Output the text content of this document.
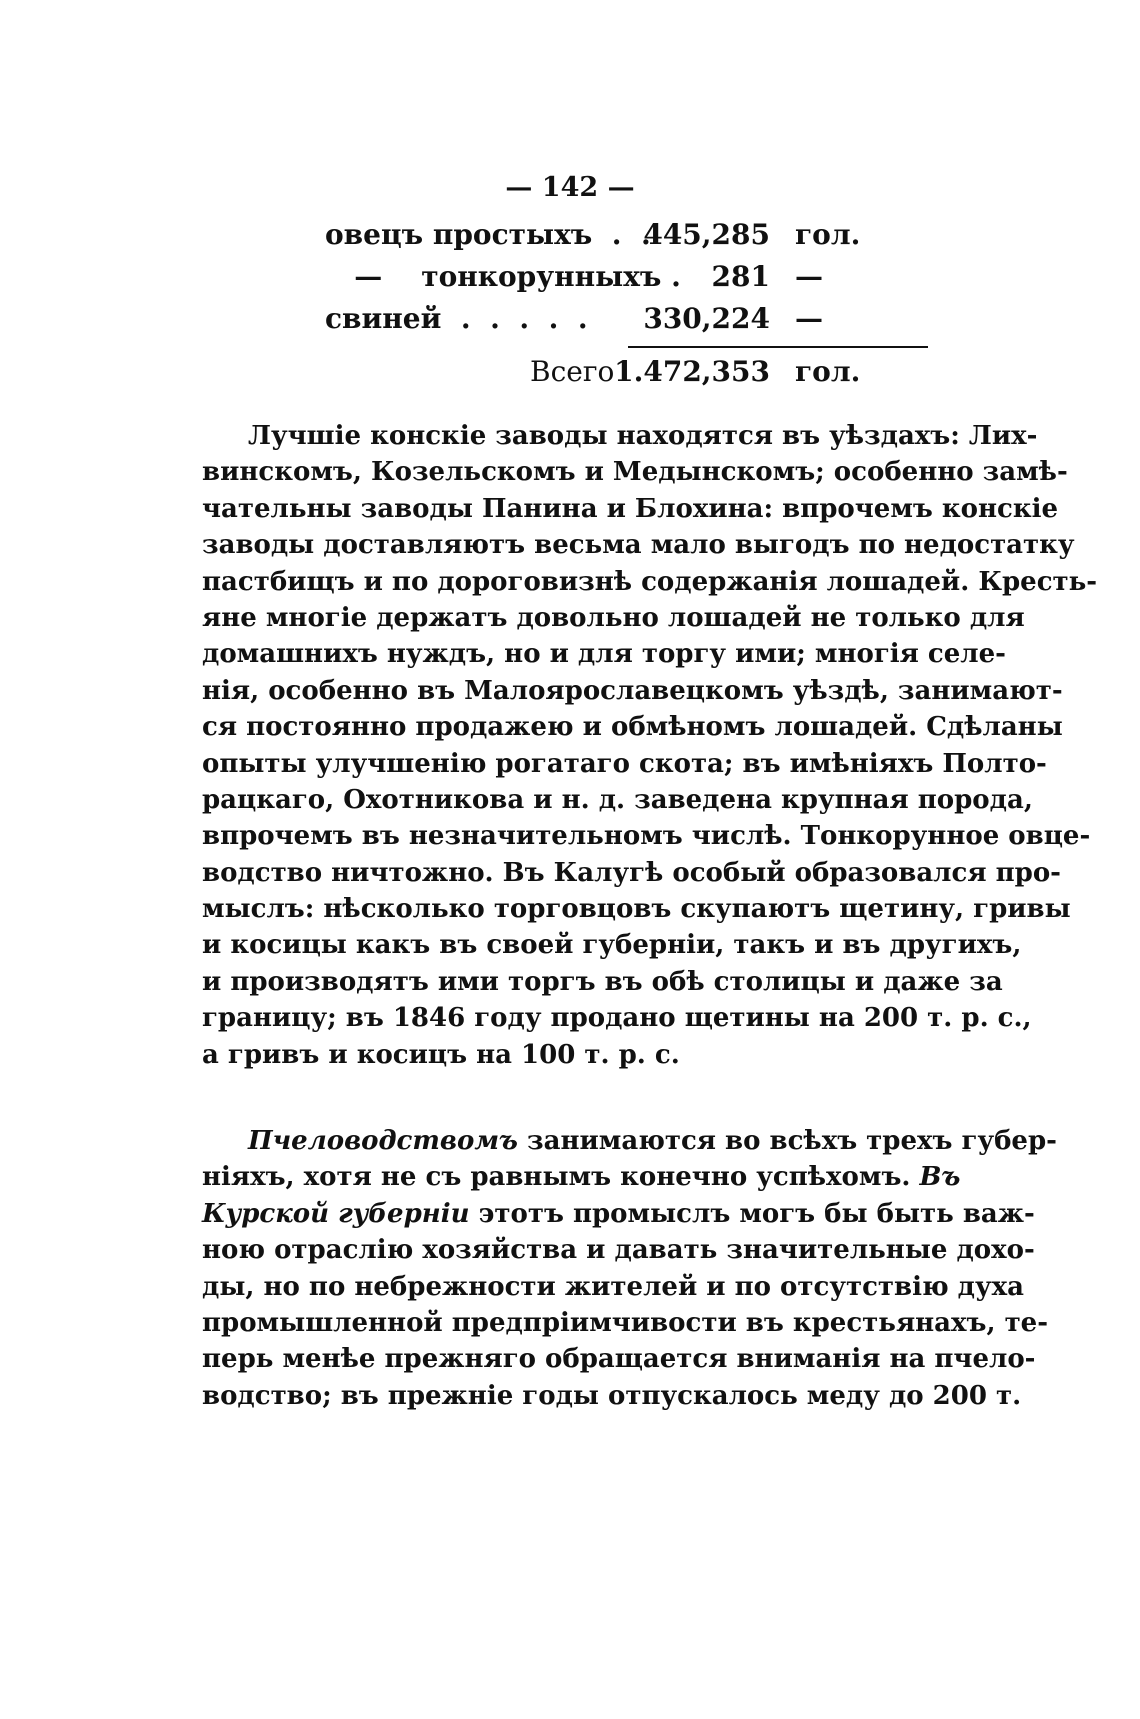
— 142 —
овецъ простыхъ  .  .
445,285 гол.
—    тонкорунныхъ . 281 —
свиней  .  .  .  .  . 330,224 —
Всего 1.472,353 гол.
Лучшіе конскіе заводы находятся въ уѣздахъ: Лих-
винскомъ, Козельскомъ и Медынскомъ; особенно замѣ-
чательны заводы Панина и Блохина: впрочемъ конскіе
заводы доставляютъ весьма мало выгодъ по недостатку
пастбищъ и по дороговизнѣ содержанія лошадей. Кресть-
яне многіе держатъ довольно лошадей не только для
домашнихъ нуждъ, но и для торгу ими; многія селе-
нія, особенно въ Малоярославецкомъ уѣздѣ, занимают-
ся постоянно продажею и обмѣномъ лошадей. Сдѣланы
опыты улучшенію рогатаго скота; въ имѣніяхъ Полто-
рацкаго, Охотникова и н. д. заведена крупная порода,
впрочемъ въ незначительномъ числѣ. Тонкорунное овце-
водство ничтожно. Въ Калугѣ особый образовался про-
мыслъ: нѣсколько торговцовъ скупаютъ щетину, гривы
и косицы какъ въ своей губерніи, такъ и въ другихъ,
и производятъ ими торгъ въ обѣ столицы и даже за
границу; въ 1846 году продано щетины на 200 т. р. с.,
а гривъ и косицъ на 100 т. р. с.
Пчеловодствомъ занимаются во всѣхъ трехъ губер-
ніяхъ, хотя не съ равнымъ конечно успѣхомъ. Въ
Курской губерніи этотъ промыслъ могъ бы быть важ-
ною отраслію хозяйства и давать значительные дохо-
ды, но по небрежности жителей и по отсутствію духа
промышленной предпріимчивости въ крестьянахъ, те-
перь менѣе прежняго обращается вниманія на пчело-
водство; въ прежніе годы отпускалось меду до 200 т.
